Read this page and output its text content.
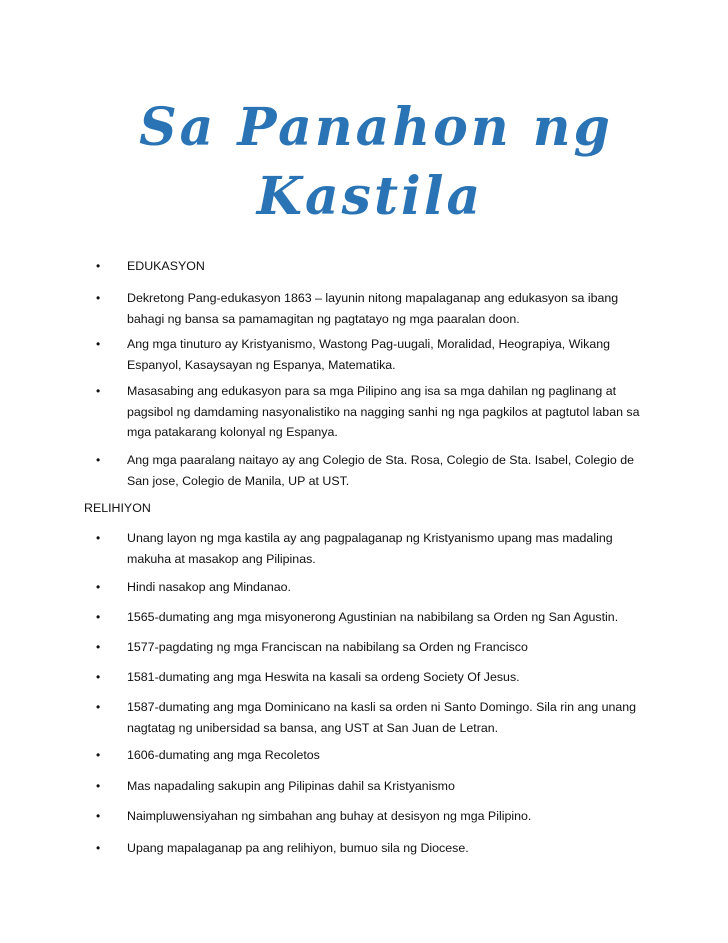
Sa Panahon ng
Kastila
• EDUKASYON
• Dekretong Pang-edukasyon 1863 – layunin nitong mapalaganap ang edukasyon sa ibang bahagi ng bansa sa pamamagitan ng pagtatayo ng mga paaralan doon.
• Ang mga tinuturo ay Kristyanismo, Wastong Pag-uugali, Moralidad, Heograpiya, Wikang Espanyol, Kasaysayan ng Espanya, Matematika.
• Masasabing ang edukasyon para sa mga Pilipino ang isa sa mga dahilan ng paglinang at pagsibol ng damdaming nasyonalistiko na nagging sanhi ng nga pagkilos at pagtutol laban sa mga patakarang kolonyal ng Espanya.
• Ang mga paaralang naitayo ay ang Colegio de Sta. Rosa, Colegio de Sta. Isabel, Colegio de San jose, Colegio de Manila, UP at UST.
RELIHIYON
• Unang layon ng mga kastila ay ang pagpalaganap ng Kristyanismo upang mas madaling makuha at masakop ang Pilipinas.
• Hindi nasakop ang Mindanao.
• 1565-dumating ang mga misyonerong Agustinian na nabibilang sa Orden ng San Agustin.
• 1577-pagdating ng mga Franciscan na nabibilang sa Orden ng Francisco
• 1581-dumating ang mga Heswita na kasali sa ordeng Society Of Jesus.
• 1587-dumating ang mga Dominicano na kasli sa orden ni Santo Domingo. Sila rin ang unang nagtatag ng unibersidad sa bansa, ang UST at San Juan de Letran.
• 1606-dumating ang mga Recoletos
• Mas napadaling sakupin ang Pilipinas dahil sa Kristyanismo
• Naimpluwensiyahan ng simbahan ang buhay at desisyon ng mga Pilipino.
• Upang mapalaganap pa ang relihiyon, bumuo sila ng Diocese.
